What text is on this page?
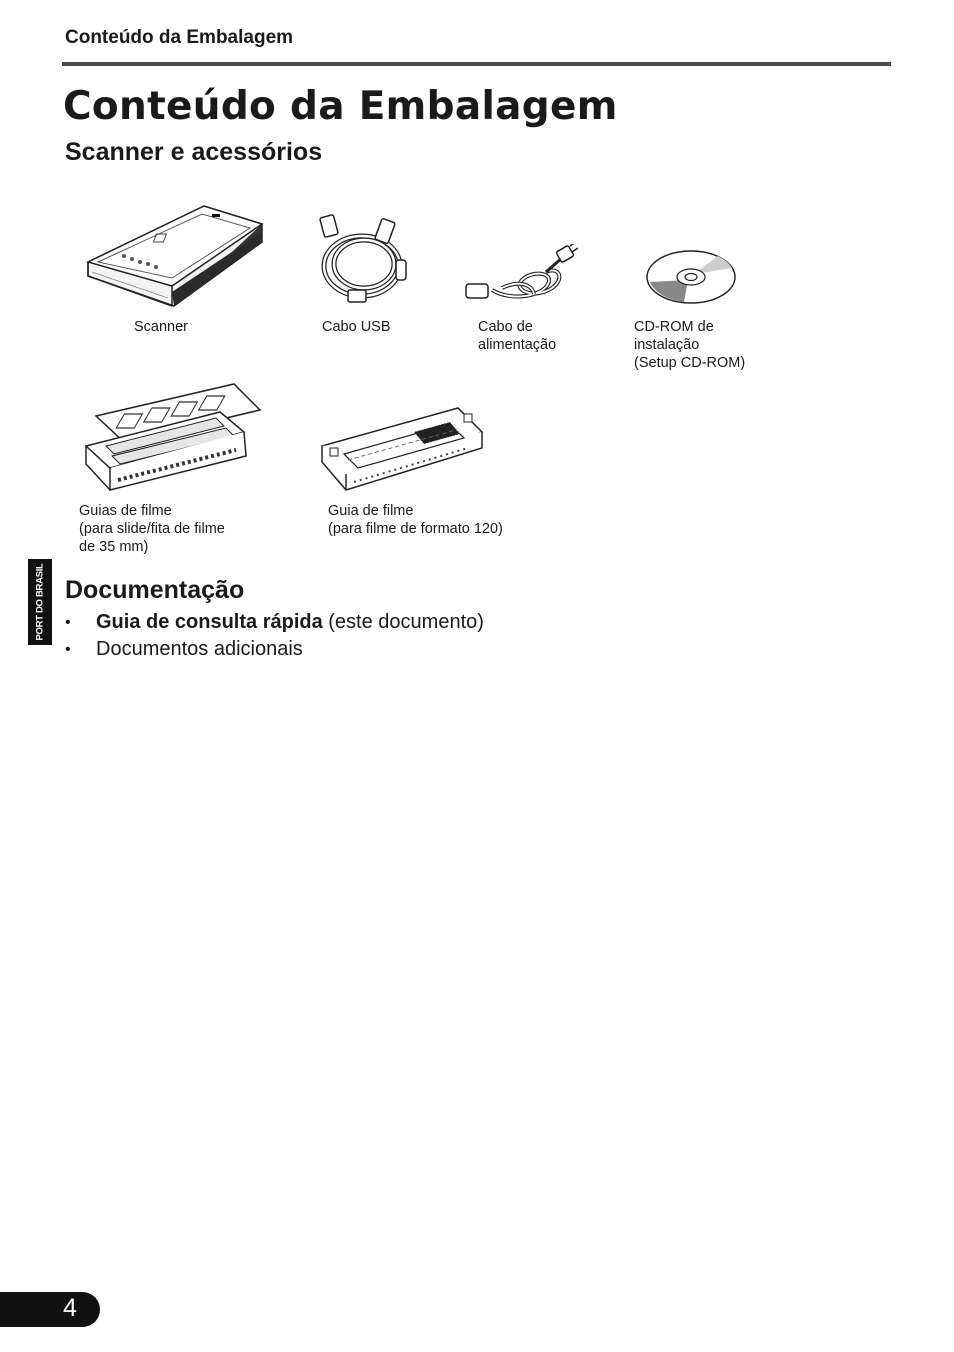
Conteúdo da Embalagem
Conteúdo da Embalagem
Scanner e acessórios
Scanner	Cabo USB	Cabo de
alimentação
CD-ROM de
instalação
(Setup CD-ROM)
Guias de filme
(para slide/fita de filme
de 35 mm)
Guia de filme
(para filme de formato 120)
PORT DO BRASIL Documentação
• Guia de consulta rápida (este documento)
• Documentos adicionais
4
